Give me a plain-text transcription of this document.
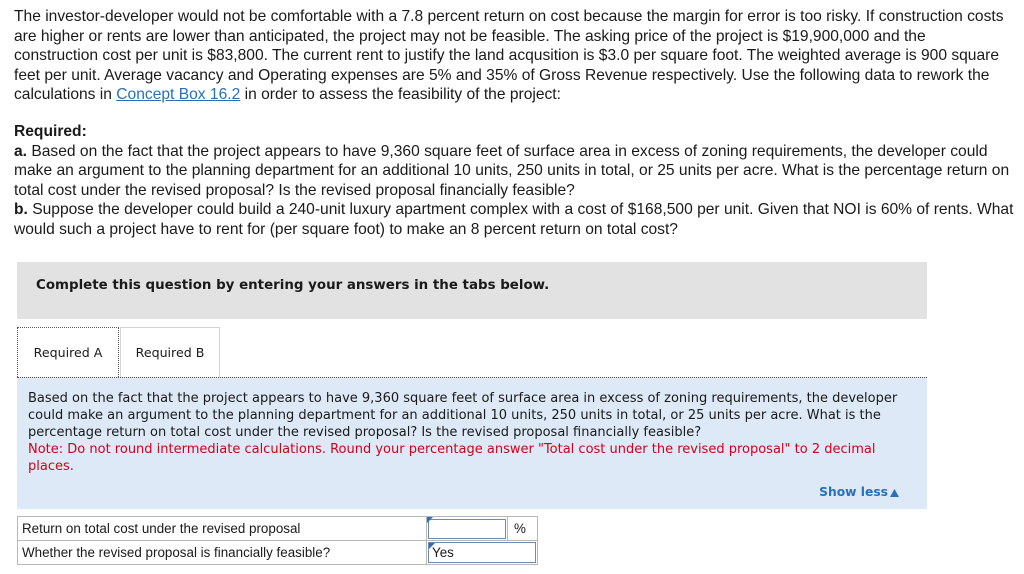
The investor-developer would not be comfortable with a 7.8 percent return on cost because the margin for error is too risky. If construction costs are higher or rents are lower than anticipated, the project may not be feasible. The asking price of the project is $19,900,000 and the construction cost per unit is $83,800. The current rent to justify the land acqusition is $3.0 per square foot. The weighted average is 900 square feet per unit. Average vacancy and Operating expenses are 5% and 35% of Gross Revenue respectively. Use the following data to rework the calculations in Concept Box 16.2 in order to assess the feasibility of the project:
Required:
a. Based on the fact that the project appears to have 9,360 square feet of surface area in excess of zoning requirements, the developer could make an argument to the planning department for an additional 10 units, 250 units in total, or 25 units per acre. What is the percentage return on total cost under the revised proposal? Is the revised proposal financially feasible?
b. Suppose the developer could build a 240-unit luxury apartment complex with a cost of $168,500 per unit. Given that NOI is 60% of rents. What would such a project have to rent for (per square foot) to make an 8 percent return on total cost?
Complete this question by entering your answers in the tabs below.
Required A	Required B
Based on the fact that the project appears to have 9,360 square feet of surface area in excess of zoning requirements, the developer could make an argument to the planning department for an additional 10 units, 250 units in total, or 25 units per acre. What is the percentage return on total cost under the revised proposal? Is the revised proposal financially feasible?
Note: Do not round intermediate calculations. Round your percentage answer "Total cost under the revised proposal" to 2 decimal places.
Show less
Return on total cost under the revised proposal		%
Whether the revised proposal is financially feasible?	Yes	
